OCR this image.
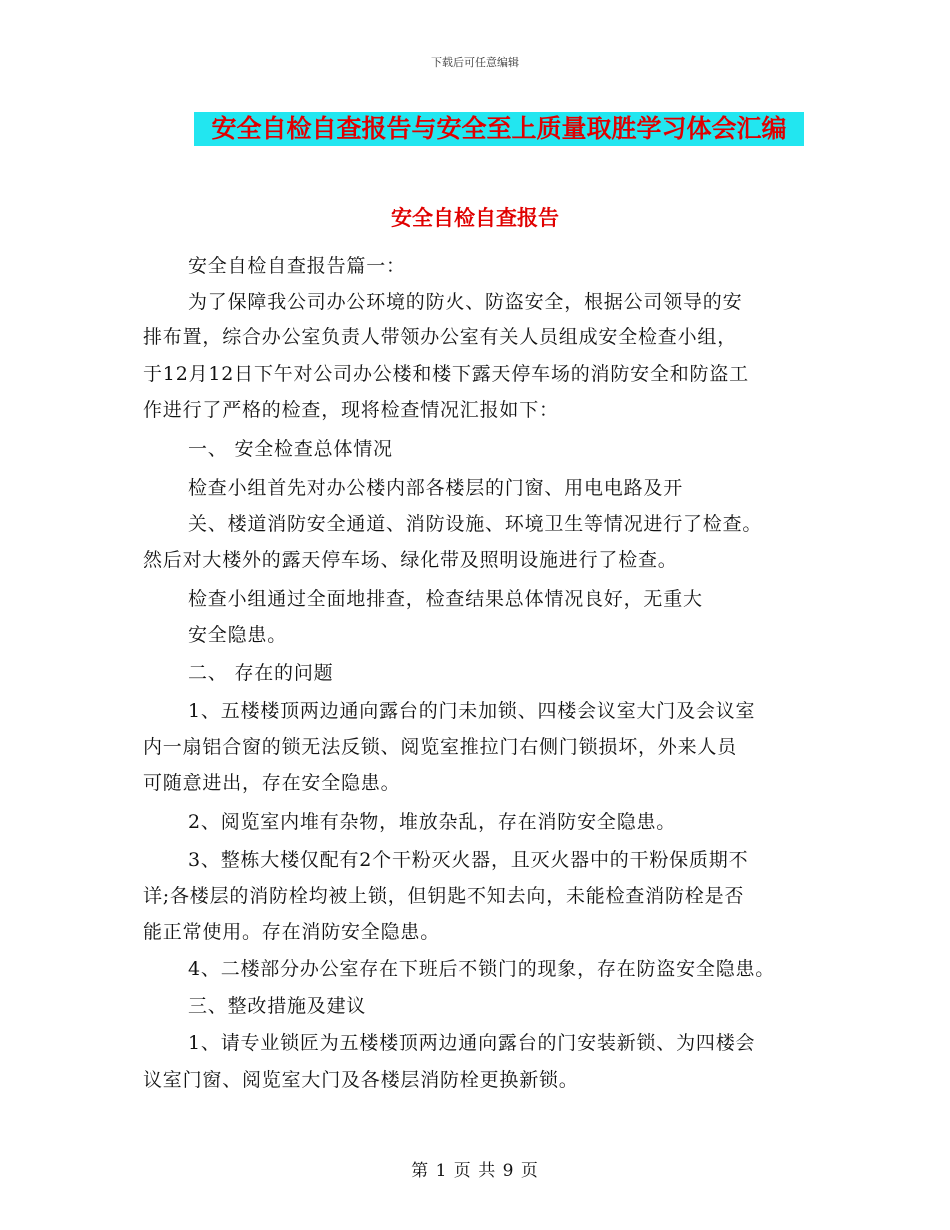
下载后可任意编辑
安全自检自查报告与安全至上质量取胜学习体会汇编
安全自检自查报告
安全自检自查报告篇一：
为了保障我公司办公环境的防火、防盗安全，根据公司领导的安
排布置，综合办公室负责人带领办公室有关人员组成安全检查小组，
于12月12日下午对公司办公楼和楼下露天停车场的消防安全和防盗工
作进行了严格的检查，现将检查情况汇报如下：
一、 安全检查总体情况
检查小组首先对办公楼内部各楼层的门窗、用电电路及开
关、楼道消防安全通道、消防设施、环境卫生等情况进行了检查。
然后对大楼外的露天停车场、绿化带及照明设施进行了检查。
检查小组通过全面地排查，检查结果总体情况良好，无重大
安全隐患。
二、 存在的问题
1、五楼楼顶两边通向露台的门未加锁、四楼会议室大门及会议室
内一扇铝合窗的锁无法反锁、阅览室推拉门右侧门锁损坏，外来人员
可随意进出，存在安全隐患。
2、阅览室内堆有杂物，堆放杂乱，存在消防安全隐患。
3、整栋大楼仅配有2个干粉灭火器，且灭火器中的干粉保质期不
详;各楼层的消防栓均被上锁，但钥匙不知去向，未能检查消防栓是否
能正常使用。存在消防安全隐患。
4、二楼部分办公室存在下班后不锁门的现象，存在防盗安全隐患。
三、整改措施及建议
1、请专业锁匠为五楼楼顶两边通向露台的门安装新锁、为四楼会
议室门窗、阅览室大门及各楼层消防栓更换新锁。
第 1 页 共 9 页
